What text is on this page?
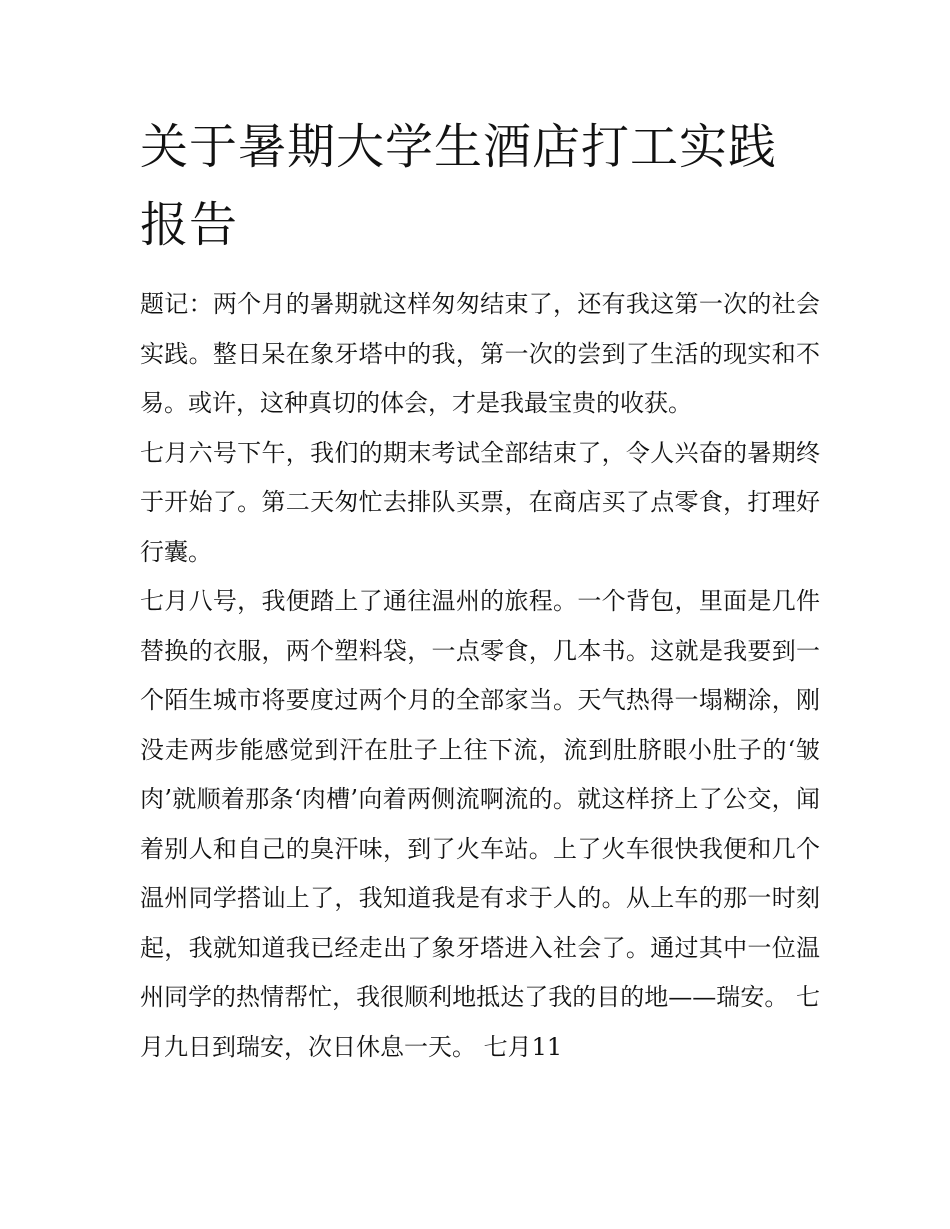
关于暑期大学生酒店打工实践报告

题记：两个月的暑期就这样匆匆结束了，还有我这第一次的社会实践。整日呆在象牙塔中的我，第一次的尝到了生活的现实和不易。或许，这种真切的体会，才是我最宝贵的收获。

七月六号下午，我们的期末考试全部结束了，令人兴奋的暑期终于开始了。第二天匆忙去排队买票，在商店买了点零食，打理好行囊。

七月八号，我便踏上了通往温州的旅程。一个背包，里面是几件替换的衣服，两个塑料袋，一点零食，几本书。这就是我要到一个陌生城市将要度过两个月的全部家当。天气热得一塌糊涂，刚没走两步能感觉到汗在肚子上往下流，流到肚脐眼小肚子的‘皱肉’就顺着那条‘肉槽’向着两侧流啊流的。就这样挤上了公交，闻着别人和自己的臭汗味，到了火车站。上了火车很快我便和几个温州同学搭讪上了，我知道我是有求于人的。从上车的那一时刻起，我就知道我已经走出了象牙塔进入社会了。通过其中一位温州同学的热情帮忙，我很顺利地抵达了我的目的地——瑞安。 七月九日到瑞安，次日休息一天。 七月11
